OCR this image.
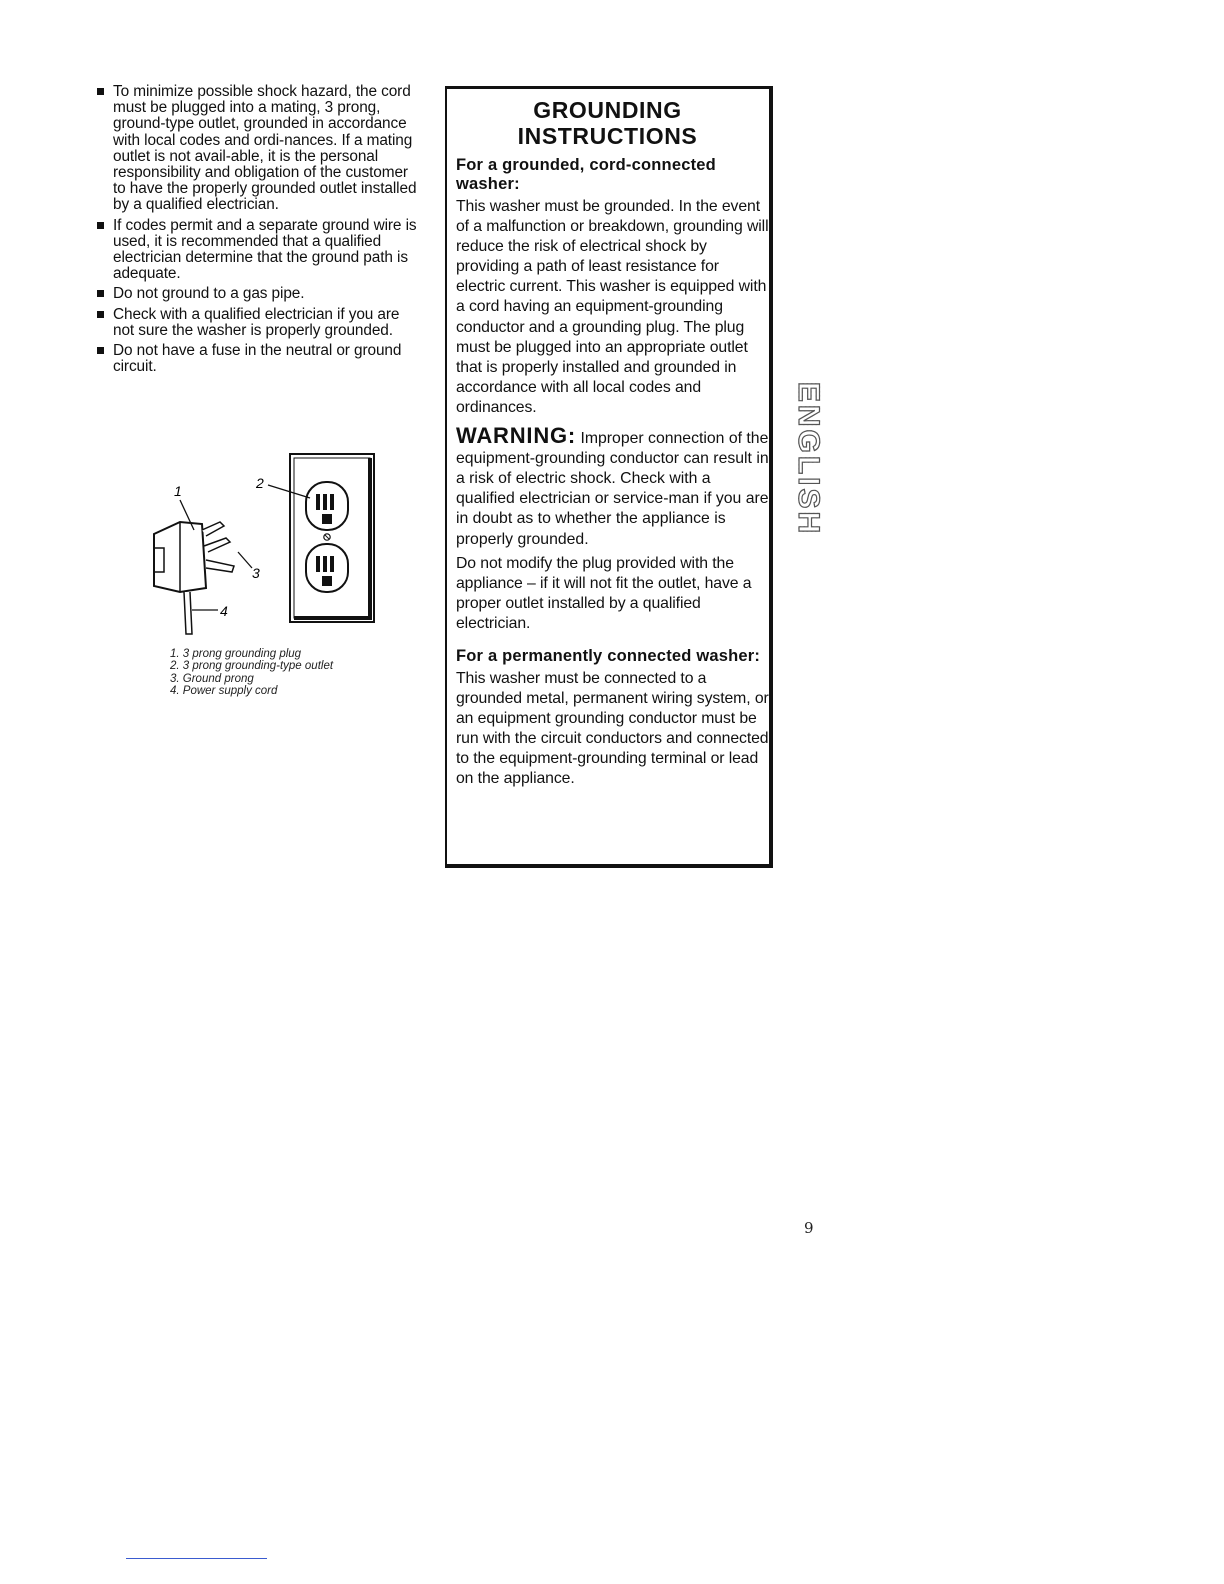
To minimize possible shock hazard, the cord must be plugged into a mating, 3 prong, ground-type outlet, grounded in accordance with local codes and ordi-nances. If a mating outlet is not avail-able, it is the personal responsibility and obligation of the customer to have the properly grounded outlet installed by a qualified electrician.
If codes permit and a separate ground wire is used, it is recommended that a qualified electrician determine that the ground path is adequate.
Do not ground to a gas pipe.
Check with a qualified electrician if you are not sure the washer is properly grounded.
Do not have a fuse in the neutral or ground circuit.
1	2
3
4
1. 3 prong grounding plug
2. 3 prong grounding-type outlet
3. Ground prong
4. Power supply cord
GROUNDING
INSTRUCTIONS
For a grounded, cord-connected washer:

This washer must be grounded. In the event of a malfunction or breakdown, grounding will reduce the risk of electrical shock by providing a path of least resistance for electric current. This washer is equipped with a cord having an equipment-grounding conductor and a grounding plug. The plug must be plugged into an appropriate outlet that is properly installed and grounded in accordance with all local codes and ordinances.

WARNING: Improper connection of the equipment-grounding conductor can result in a risk of electric shock. Check with a qualified electrician or service-man if you are in doubt as to whether the appliance is properly grounded.

Do not modify the plug provided with the appliance – if it will not fit the outlet, have a proper outlet installed by a qualified electrician.

For a permanently connected washer:

This washer must be connected to a grounded metal, permanent wiring system, or an equipment grounding conductor must be run with the circuit conductors and connected to the equipment-grounding terminal or lead on the appliance.

ENGLISH
9
